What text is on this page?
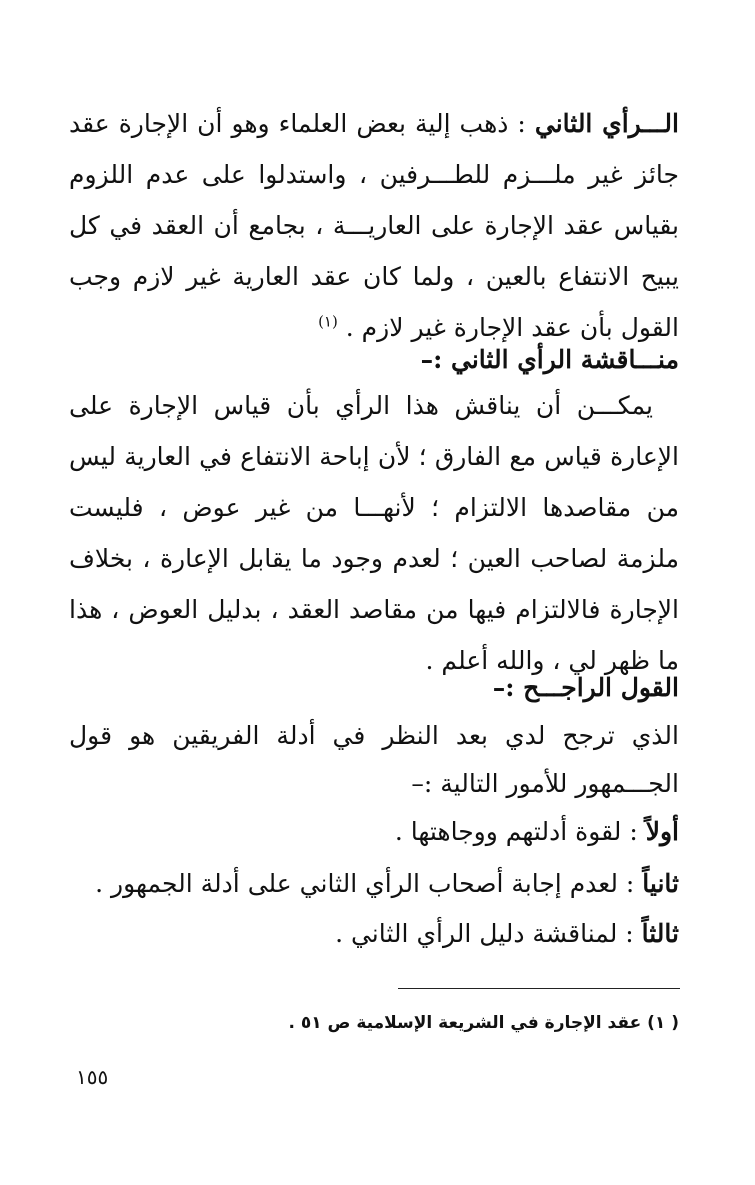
الـــرأي الثاني : ذهب إلية بعض العلماء وهو أن الإجارة عقد جائز غير ملـــزم للطـــرفين ، واستدلوا على عدم اللزوم بقياس عقد الإجارة على العاريـــة ، بجامع أن العقد في كل يبيح الانتفاع بالعين ، ولما كان عقد العارية غير لازم وجب القول بأن عقد الإجارة غير لازم . $^{(١)}$

منـــاقشة الرأي الثاني :–

يمكـــن أن يناقش هذا الرأي بأن قياس الإجارة على الإعارة قياس مع الفارق ؛ لأن إباحة الانتفاع في العارية ليس من مقاصدها الالتزام ؛ لأنهـــا من غير عوض ، فليست ملزمة لصاحب العين ؛ لعدم وجود ما يقابل الإعارة ، بخلاف الإجارة فالالتزام فيها من مقاصد العقد ، بدليل العوض ، هذا ما ظهر لي ، والله أعلم .

القول الراجـــح :–

الذي ترجح لدي بعد النظر في أدلة الفريقين هو قول الجـــمهور للأمور التالية :–

أولاً : لقوة أدلتهم ووجاهتها .
ثانياً : لعدم إجابة أصحاب الرأي الثاني على أدلة الجمهور .
ثالثاً : لمناقشة دليل الرأي الثاني .
( ١) عقد الإجارة في الشريعة الإسلامية ص ٥١ .
١٥٥
